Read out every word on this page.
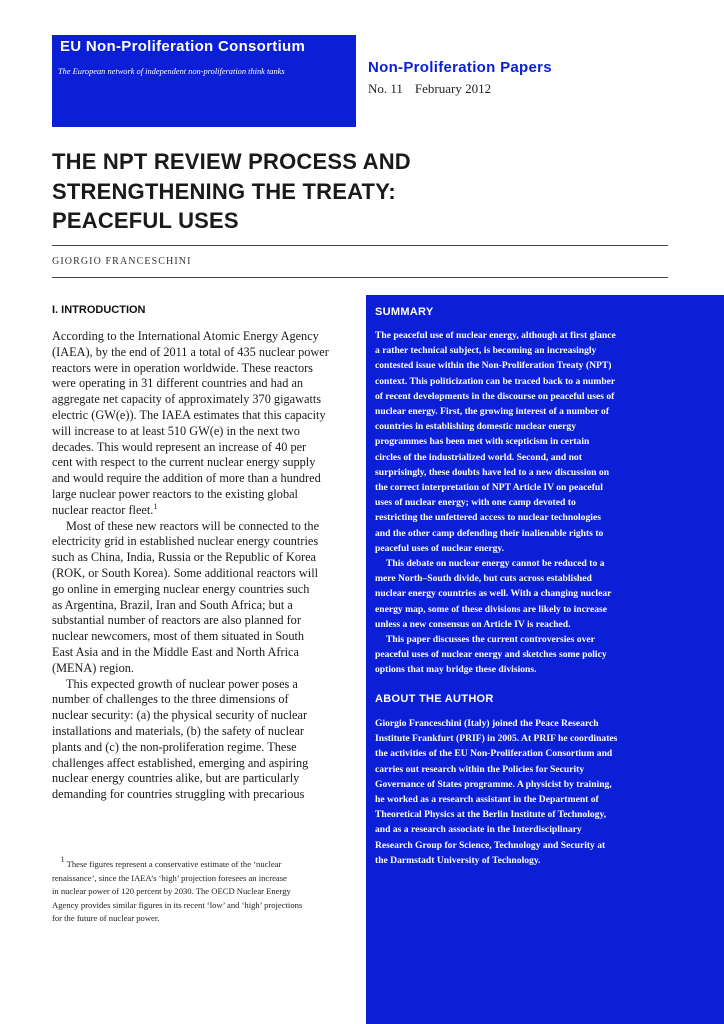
EU Non-Proliferation Consortium
The European network of independent non-proliferation think tanks	Non-Proliferation Papers
No. 11 February 2012
THE NPT REVIEW PROCESS AND
STRENGTHENING THE TREATY:
PEACEFUL USES
GIORGIO FRANCESCHINI
I. INTRODUCTION

According to the International Atomic Energy Agency

(IAEA), by the end of 2011 a total of 435 nuclear power

reactors were in operation worldwide. These reactors

were operating in 31 different countries and had an

aggregate net capacity of approximately 370 gigawatts

electric (GW(e)). The IAEA estimates that this capacity

will increase to at least 510 GW(e) in the next two

decades. This would represent an increase of 40 per

cent with respect to the current nuclear energy supply

and would require the addition of more than a hundred

large nuclear power reactors to the existing global

nuclear reactor fleet.$^1$

Most of these new reactors will be connected to the

electricity grid in established nuclear energy countries

such as China, India, Russia or the Republic of Korea

(ROK, or South Korea). Some additional reactors will

go online in emerging nuclear energy countries such

as Argentina, Brazil, Iran and South Africa; but a

substantial number of reactors are also planned for

nuclear newcomers, most of them situated in South

East Asia and in the Middle East and North Africa

(MENA) region.

This expected growth of nuclear power poses a

number of challenges to the three dimensions of

nuclear security: (a) the physical security of nuclear

installations and materials, (b) the safety of nuclear

plants and (c) the non-proliferation regime. These

challenges affect established, emerging and aspiring

nuclear energy countries alike, but are particularly

demanding for countries struggling with precarious

 $^1$ These figures represent a conservative estimate of the ‘nuclear
renaissance’, since the IAEA’s ‘high’ projection foresees an increase
in nuclear power of 120 percent by 2030. The OECD Nuclear Energy
Agency provides similar figures in its recent ‘low’ and ‘high’ projections
for the future of nuclear power.
SUMMARY
The peaceful use of nuclear energy, although at first glance
a rather technical subject, is becoming an increasingly
contested issue within the Non-Proliferation Treaty (NPT)
context. This politicization can be traced back to a number
of recent developments in the discourse on peaceful uses of
nuclear energy. First, the growing interest of a number of
countries in establishing domestic nuclear energy
programmes has been met with scepticism in certain
circles of the industrialized world. Second, and not
surprisingly, these doubts have led to a new discussion on
the correct interpretation of NPT Article IV on peaceful
uses of nuclear energy; with one camp devoted to
restricting the unfettered access to nuclear technologies
and the other camp defending their inalienable rights to
peaceful uses of nuclear energy.
This debate on nuclear energy cannot be reduced to a
mere North–South divide, but cuts across established
nuclear energy countries as well. With a changing nuclear
energy map, some of these divisions are likely to increase
unless a new consensus on Article IV is reached.
This paper discusses the current controversies over
peaceful uses of nuclear energy and sketches some policy
options that may bridge these divisions.
ABOUT THE AUTHOR
Giorgio Franceschini (Italy) joined the Peace Research
Institute Frankfurt (PRIF) in 2005. At PRIF he coordinates
the activities of the EU Non-Proliferation Consortium and
carries out research within the Policies for Security
Governance of States programme. A physicist by training,
he worked as a research assistant in the Department of
Theoretical Physics at the Berlin Institute of Technology,
and as a research associate in the Interdisciplinary
Research Group for Science, Technology and Security at
the Darmstadt University of Technology.
